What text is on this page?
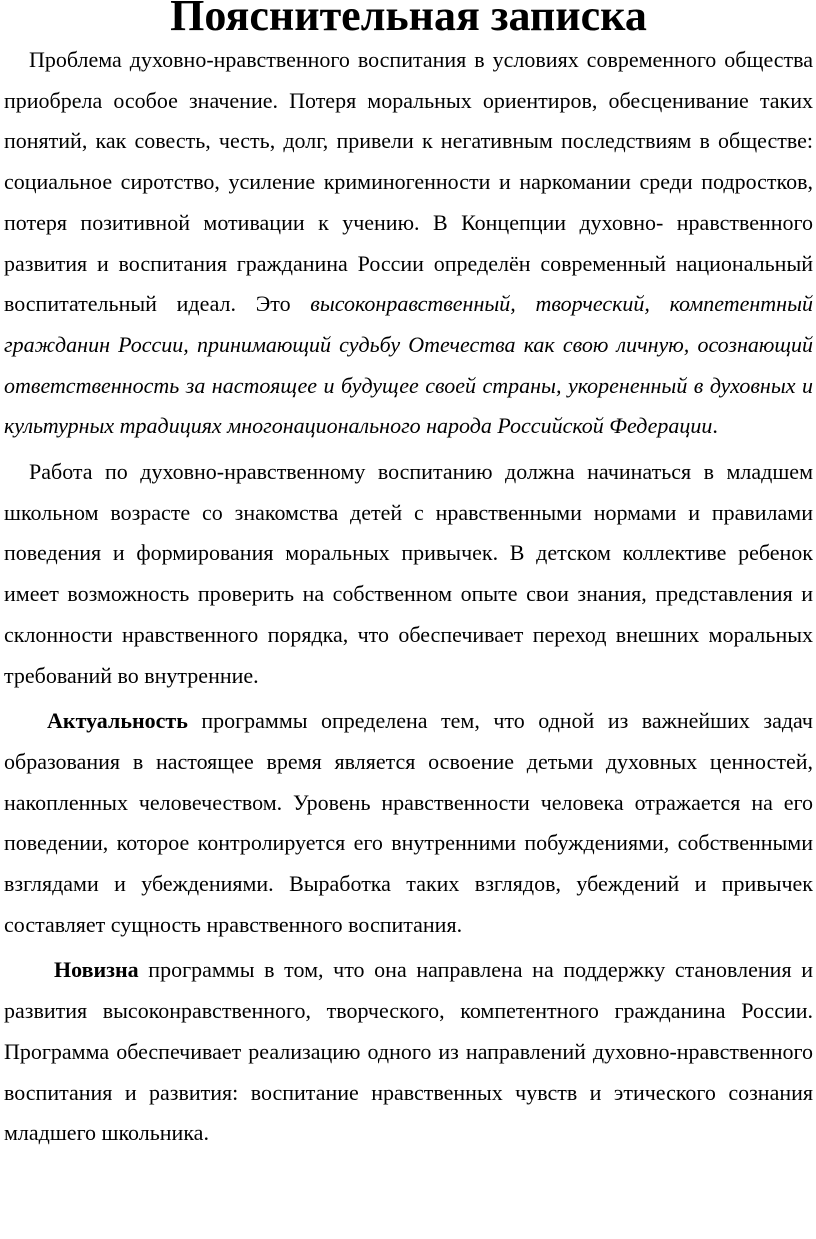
Пояснительная записка

Проблема духовно-нравственного воспитания в условиях современного общества приобрела особое значение. Потеря моральных ориентиров, обесценивание таких понятий, как совесть, честь, долг, привели к негативным последствиям в обществе: социальное сиротство, усиление криминогенности и наркомании среди подростков, потеря позитивной мотивации к учению. В Концепции духовно- нравственного развития и воспитания гражданина России определён современный национальный воспитательный идеал. Это высоконравственный, творческий, компетентный гражданин России, принимающий судьбу Отечества как свою личную, осознающий ответственность за настоящее и будущее своей страны, укорененный в духовных и культурных традициях многонационального народа Российской Федерации.

Работа по духовно-нравственному воспитанию должна начинаться в младшем школьном возрасте со знакомства детей с нравственными нормами и правилами поведения и формирования моральных привычек. В детском коллективе ребенок имеет возможность проверить на собственном опыте свои знания, представления и склонности нравственного порядка, что обеспечивает переход внешних моральных требований во внутренние.

Актуальность программы определена тем, что одной из важнейших задач образования в настоящее время является освоение детьми духовных ценностей, накопленных человечеством. Уровень нравственности человека отражается на его поведении, которое контролируется его внутренними побуждениями, собственными взглядами и убеждениями. Выработка таких взглядов, убеждений и привычек составляет сущность нравственного воспитания.

Новизна программы в том, что она направлена на поддержку становления и развития высоконравственного, творческого, компетентного гражданина России. Программа обеспечивает реализацию одного из направлений духовно-нравственного воспитания и развития: воспитание нравственных чувств и этического сознания младшего школьника.
